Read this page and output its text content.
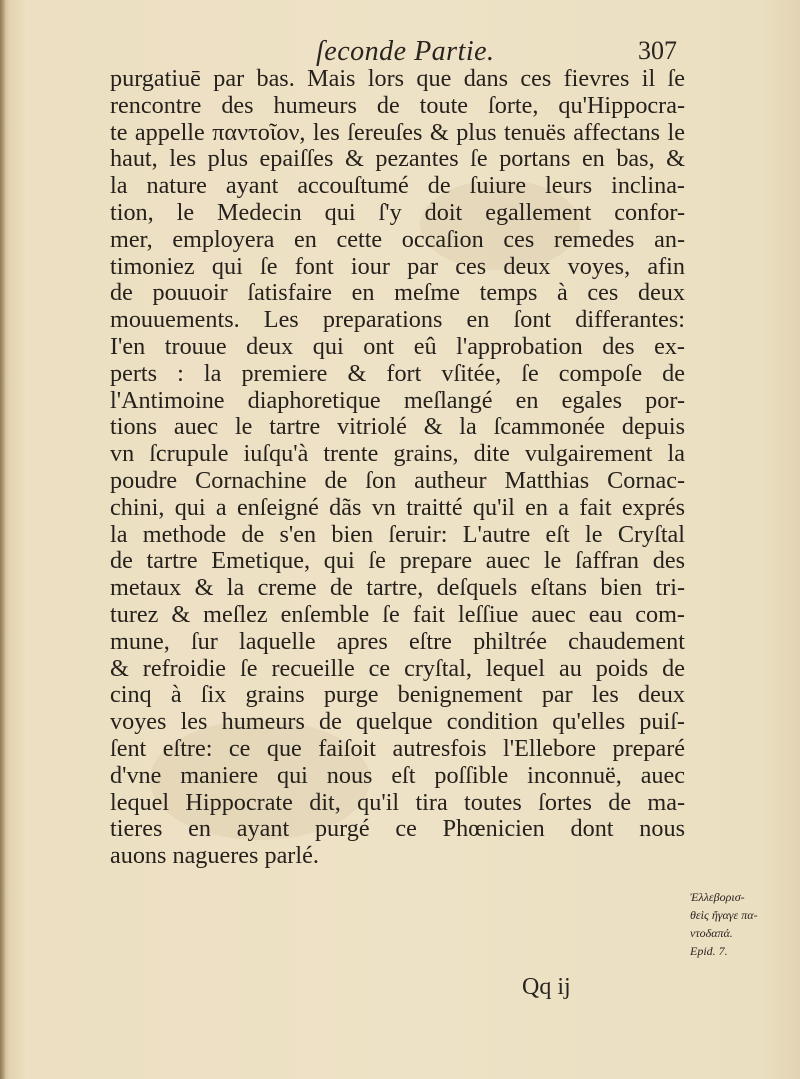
ſeconde Partie.	307
purgatiuē par bas. Mais lors que dans ces fievres il ſe
rencontre des humeurs de toute ſorte, qu'Hippocra-
te appelle παντοῖον, les ſereuſes & plus tenuës affectans le
haut, les plus epaiſſes & pezantes ſe portans en bas, &
la nature ayant accouſtumé de ſuiure leurs inclina-
tion, le Medecin qui ſ'y doit egallement confor-
mer, employera en cette occaſion ces remedes an-
timoniez qui ſe font iour par ces deux voyes, afin
de pouuoir ſatisfaire en meſme temps à ces deux
mouuements. Les preparations en ſont differantes:
I'en trouue deux qui ont eû l'approbation des ex-
perts : la premiere & fort vſitée, ſe compoſe de
l'Antimoine diaphoretique meſlangé en egales por-
tions auec le tartre vitriolé & la ſcammonée depuis
vn ſcrupule iuſqu'à trente grains, dite vulgairement la
poudre Cornachine de ſon autheur Matthias Cornac-
chini, qui a enſeigné dãs vn traitté qu'il en a fait exprés
la methode de s'en bien ſeruir: L'autre eſt le Cryſtal
de tartre Emetique, qui ſe prepare auec le ſaffran des
metaux & la creme de tartre, deſquels eſtans bien tri-
turez & meſlez enſemble ſe fait leſſiue auec eau com-
mune, ſur laquelle apres eſtre philtrée chaudement
& refroidie ſe recueille ce cryſtal, lequel au poids de
cinq à ſix grains purge benignement par les deux
voyes les humeurs de quelque condition qu'elles puiſ-
ſent eſtre: ce que faiſoit autresfois l'Ellebore preparé
d'vne maniere qui nous eſt poſſible inconnuë, auec
lequel Hippocrate dit, qu'il tira toutes ſortes de ma-
tieres en ayant purgé ce Phœnicien dont nous
auons nagueres parlé.
Ἐλλεβορισ-
θεὶς ἤγαγε πα-
ντοδαπά.
Epid. 7.
Qq ij
